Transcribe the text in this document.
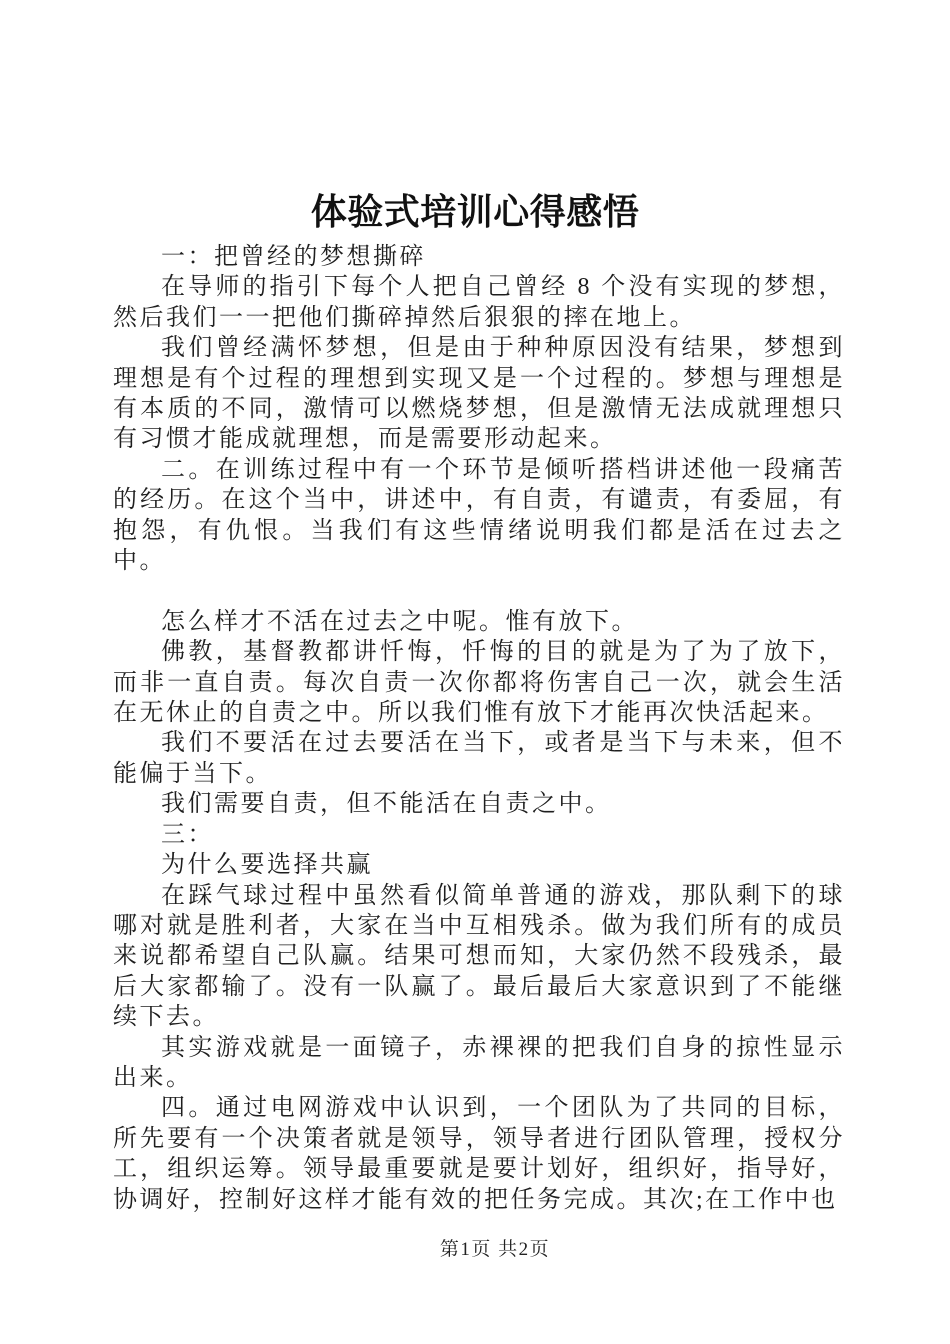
体验式培训心得感悟

一：把曾经的梦想撕碎

在导师的指引下每个人把自己曾经 8 个没有实现的梦想，然后我们一一把他们撕碎掉然后狠狠的摔在地上。

我们曾经满怀梦想，但是由于种种原因没有结果，梦想到理想是有个过程的理想到实现又是一个过程的。梦想与理想是有本质的不同，激情可以燃烧梦想，但是激情无法成就理想只有习惯才能成就理想，而是需要形动起来。

二。在训练过程中有一个环节是倾听搭档讲述他一段痛苦的经历。在这个当中，讲述中，有自责，有谴责，有委屈，有抱怨，有仇恨。当我们有这些情绪说明我们都是活在过去之中。

怎么样才不活在过去之中呢。惟有放下。

佛教，基督教都讲忏悔，忏悔的目的就是为了为了放下，而非一直自责。每次自责一次你都将伤害自己一次，就会生活在无休止的自责之中。所以我们惟有放下才能再次快活起来。

我们不要活在过去要活在当下，或者是当下与未来，但不能偏于当下。

我们需要自责，但不能活在自责之中。

三：

为什么要选择共赢

在踩气球过程中虽然看似简单普通的游戏，那队剩下的球哪对就是胜利者，大家在当中互相残杀。做为我们所有的成员来说都希望自己队赢。结果可想而知，大家仍然不段残杀，最后大家都输了。没有一队赢了。最后最后大家意识到了不能继续下去。

其实游戏就是一面镜子，赤裸裸的把我们自身的掠性显示出来。

四。通过电网游戏中认识到，一个团队为了共同的目标，所先要有一个决策者就是领导，领导者进行团队管理，授权分工，组织运筹。领导最重要就是要计划好，组织好，指导好，协调好，控制好这样才能有效的把任务完成。其次;在工作中也

第1页 共2页
